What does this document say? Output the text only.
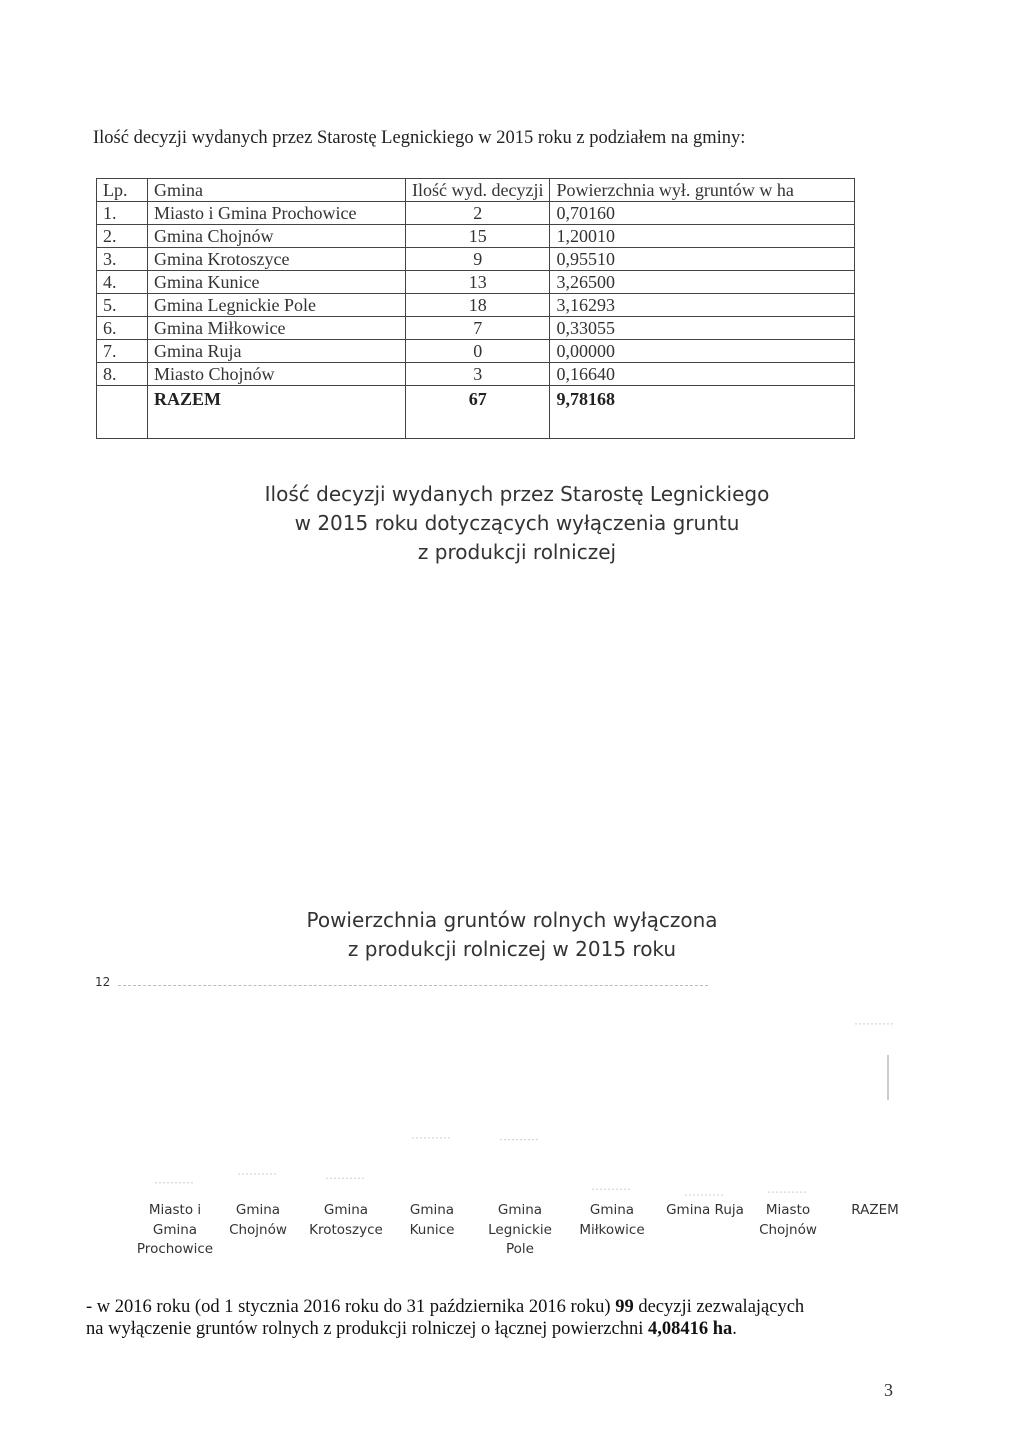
Ilość decyzji wydanych przez Starostę Legnickiego w 2015 roku z podziałem na gminy:
Lp.	Gmina	Ilość wyd. decyzji	Powierzchnia wył. gruntów w ha
1.	Miasto i Gmina Prochowice	2	0,70160
2.	Gmina Chojnów	15	1,20010
3.	Gmina Krotoszyce	9	0,95510
4.	Gmina Kunice	13	3,26500
5.	Gmina Legnickie Pole	18	3,16293
6.	Gmina Miłkowice	7	0,33055
7.	Gmina Ruja	0	0,00000
8.	Miasto Chojnów	3	0,16640
	RAZEM	67	9,78168
Ilość decyzji wydanych przez Starostę Legnickiego
w 2015 roku dotyczących wyłączenia gruntu
z produkcji rolniczej
Powierzchnia gruntów rolnych wyłączona
z produkcji rolniczej w 2015 roku
12
Miasto i
Gmina
Prochowice
Gmina
Chojnów
Gmina
Krotoszyce
Gmina
Kunice
Gmina
Legnickie
Pole
Gmina
Miłkowice
Gmina Ruja	Miasto
Chojnów
RAZEM
- w 2016 roku (od 1 stycznia 2016 roku do 31 października 2016 roku) 99 decyzji zezwalających
na wyłączenie gruntów rolnych z produkcji rolniczej o łącznej powierzchni 4,08416 ha.
3
